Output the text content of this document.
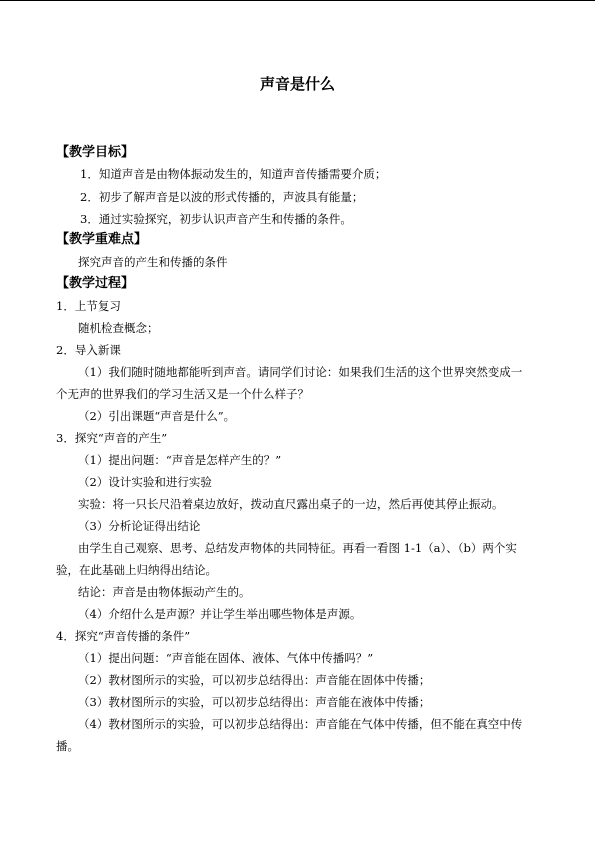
声音是什么
【教学目标】
1．知道声音是由物体振动发生的，知道声音传播需要介质；
2．初步了解声音是以波的形式传播的，声波具有能量；
3．通过实验探究，初步认识声音产生和传播的条件。
【教学重难点】
探究声音的产生和传播的条件
【教学过程】
1．上节复习
随机检查概念；
2．导入新课
（1）我们随时随地都能听到声音。请同学们讨论：如果我们生活的这个世界突然变成一
个无声的世界我们的学习生活又是一个什么样子？
（2）引出课题“声音是什么”。
3．探究“声音的产生”
（1）提出问题：“声音是怎样产生的？”
（2）设计实验和进行实验
实验：将一只长尺沿着桌边放好，拨动直尺露出桌子的一边，然后再使其停止振动。
（3）分析论证得出结论
由学生自己观察、思考、总结发声物体的共同特征。再看一看图 1-1（a）、（b）两个实
验，在此基础上归纳得出结论。
结论：声音是由物体振动产生的。
（4）介绍什么是声源？并让学生举出哪些物体是声源。
4．探究“声音传播的条件”
（1）提出问题：“声音能在固体、液体、气体中传播吗？”
（2）教材图所示的实验，可以初步总结得出：声音能在固体中传播；
（3）教材图所示的实验，可以初步总结得出：声音能在液体中传播；
（4）教材图所示的实验，可以初步总结得出：声音能在气体中传播，但不能在真空中传
播。
